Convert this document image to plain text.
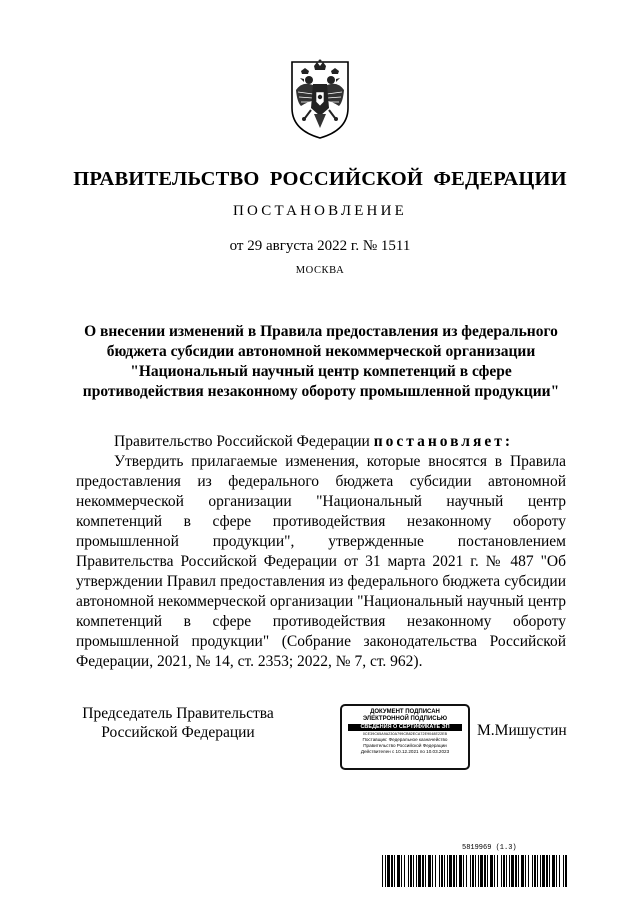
ПРАВИТЕЛЬСТВО РОССИЙСКОЙ ФЕДЕРАЦИИ
ПОСТАНОВЛЕНИЕ
от 29 августа 2022 г. № 1511
МОСКВА
О внесении изменений в Правила предоставления из федерального
бюджета субсидии автономной некоммерческой организации
"Национальный научный центр компетенций в сфере
противодействия незаконному обороту промышленной продукции"

Правительство Российской Федерации постановляет:

Утвердить прилагаемые изменения, которые вносятся в Правила предоставления из федерального бюджета субсидии автономной некоммерческой организации "Национальный научный центр компетенций в сфере противодействия незаконному обороту промышленной продукции", утвержденные постановлением Правительства Российской Федерации от 31 марта 2021 г. № 487 "Об утверждении Правил предоставления из федерального бюджета субсидии автономной некоммерческой организации "Национальный научный центр компетенций в сфере противодействия незаконному обороту промышленной продукции" (Собрание законодательства Российской Федерации, 2021, № 14, ст. 2353; 2022, № 7, ст. 962).

Председатель Правительства
Российской Федерации
ДОКУМЕНТ ПОДПИСАН
ЭЛЕКТРОННОЙ ПОДПИСЬЮ
СВЕДЕНИЯ О СЕРТИФИКАТЕ ЭП
0СЕ39С65А9А230А799СВ82ЕСА72Е9048Е22ЕВ
Поставщик: Федеральное казначейство
Правительство Российской Федерации
Действителен с 10.12.2021 по 10.03.2023
М.Мишустин
5819969 (1.3)
